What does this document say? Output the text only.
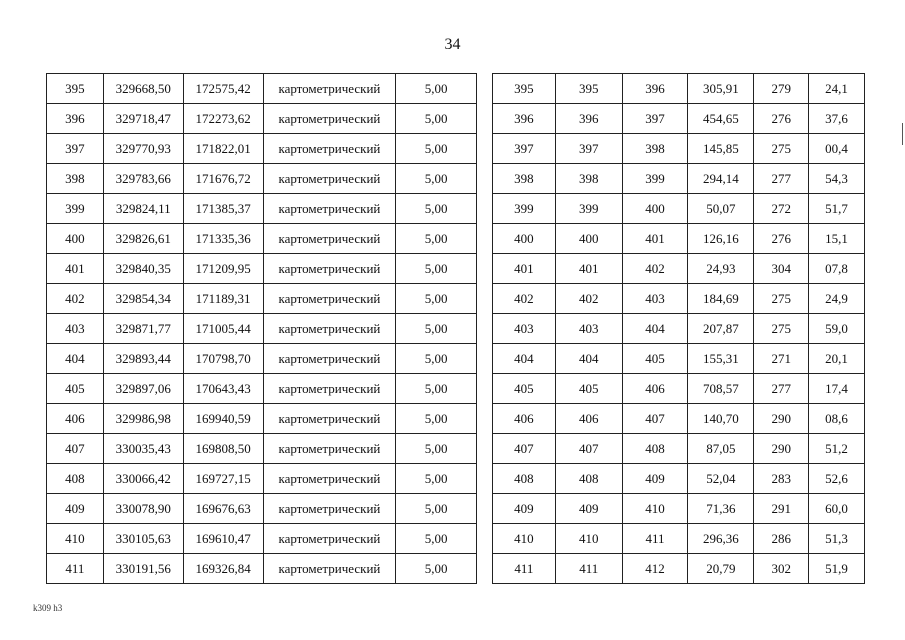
34
395	329668,50	172575,42	картометрический	5,00
396	329718,47	172273,62	картометрический	5,00
397	329770,93	171822,01	картометрический	5,00
398	329783,66	171676,72	картометрический	5,00
399	329824,11	171385,37	картометрический	5,00
400	329826,61	171335,36	картометрический	5,00
401	329840,35	171209,95	картометрический	5,00
402	329854,34	171189,31	картометрический	5,00
403	329871,77	171005,44	картометрический	5,00
404	329893,44	170798,70	картометрический	5,00
405	329897,06	170643,43	картометрический	5,00
406	329986,98	169940,59	картометрический	5,00
407	330035,43	169808,50	картометрический	5,00
408	330066,42	169727,15	картометрический	5,00
409	330078,90	169676,63	картометрический	5,00
410	330105,63	169610,47	картометрический	5,00
411	330191,56	169326,84	картометрический	5,00
395	395	396	305,91	279	24,1
396	396	397	454,65	276	37,6
397	397	398	145,85	275	00,4
398	398	399	294,14	277	54,3
399	399	400	50,07	272	51,7
400	400	401	126,16	276	15,1
401	401	402	24,93	304	07,8
402	402	403	184,69	275	24,9
403	403	404	207,87	275	59,0
404	404	405	155,31	271	20,1
405	405	406	708,57	277	17,4
406	406	407	140,70	290	08,6
407	407	408	87,05	290	51,2
408	408	409	52,04	283	52,6
409	409	410	71,36	291	60,0
410	410	411	296,36	286	51,3
411	411	412	20,79	302	51,9
k309 h3
